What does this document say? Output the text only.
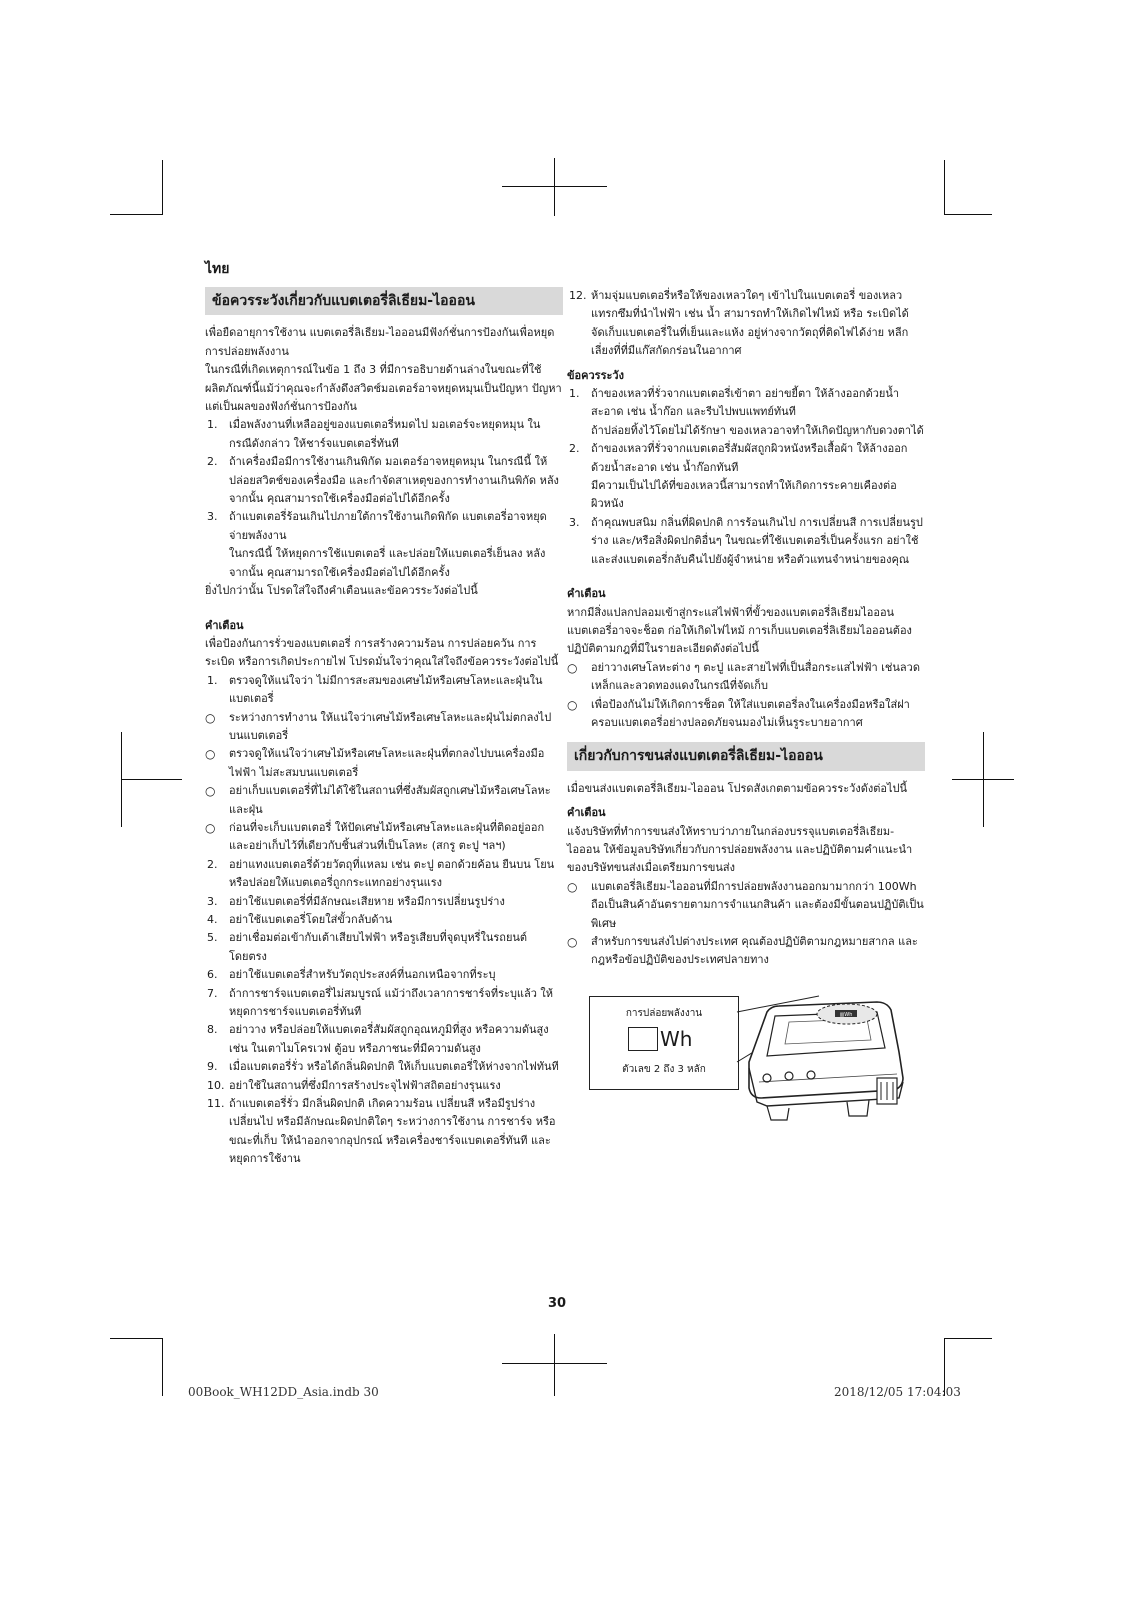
ไทย
ข้อควรระวังเกี่ยวกับแบตเตอรี่ลิเธียม-ไอออน

เพื่อยืดอายุการใช้งาน แบตเตอรี่ลิเธียม-ไอออนมีฟังก์ชั่นการป้องกันเพื่อหยุดการปล่อยพลังงาน

ในกรณีที่เกิดเหตุการณ์ในข้อ 1 ถึง 3 ที่มีการอธิบายด้านล่างในขณะที่ใช้ผลิตภัณฑ์นี้แม้ว่าคุณจะกำลังดึงสวิตช์มอเตอร์อาจหยุดหมุนเป็นปัญหา ปัญหา แต่เป็นผลของฟังก์ชั่นการป้องกัน

1. เมื่อพลังงานที่เหลืออยู่ของแบตเตอรี่หมดไป มอเตอร์จะหยุดหมุน ในกรณีดังกล่าว ให้ชาร์จแบตเตอรี่ทันที
2. ถ้าเครื่องมือมีการใช้งานเกินพิกัด มอเตอร์อาจหยุดหมุน ในกรณีนี้ ให้ปล่อยสวิตช์ของเครื่องมือ และกำจัดสาเหตุของการทำงานเกินพิกัด หลังจากนั้น คุณสามารถใช้เครื่องมือต่อไปได้อีกครั้ง
3. ถ้าแบตเตอรี่ร้อนเกินไปภายใต้การใช้งานเกิดพิกัด แบตเตอรี่อาจหยุดจ่ายพลังงาน

ในกรณีนี้ ให้หยุดการใช้แบตเตอรี่ และปล่อยให้แบตเตอรี่เย็นลง หลังจากนั้น คุณสามารถใช้เครื่องมือต่อไปได้อีกครั้ง

ยิ่งไปกว่านั้น โปรดใส่ใจถึงคำเตือนและข้อควรระวังต่อไปนี้

คำเตือน

เพื่อป้องกันการรั่วของแบตเตอรี่ การสร้างความร้อน การปล่อยควัน การระเบิด หรือการเกิดประกายไฟ โปรดมั่นใจว่าคุณใส่ใจถึงข้อควรระวังต่อไปนี้

1. ตรวจดูให้แน่ใจว่า ไม่มีการสะสมของเศษไม้หรือเศษโลหะและฝุ่นในแบตเตอรี่
○ ระหว่างการทำงาน ให้แน่ใจว่าเศษไม้หรือเศษโลหะและฝุ่นไม่ตกลงไปบนแบตเตอรี่
○ ตรวจดูให้แน่ใจว่าเศษไม้หรือเศษโลหะและฝุ่นที่ตกลงไปบนเครื่องมือไฟฟ้า ไม่สะสมบนแบตเตอรี่
○ อย่าเก็บแบตเตอรี่ที่ไม่ได้ใช้ในสถานที่ซึ่งสัมผัสถูกเศษไม้หรือเศษโลหะและฝุ่น
○ ก่อนที่จะเก็บแบตเตอรี่ ให้ปัดเศษไม้หรือเศษโลหะและฝุ่นที่ติดอยู่ออก และอย่าเก็บไว้ที่เดียวกับชิ้นส่วนที่เป็นโลหะ (สกรู ตะปู ฯลฯ)
2. อย่าแทงแบตเตอรี่ด้วยวัตถุที่แหลม เช่น ตะปู ตอกด้วยค้อน ยืนบน โยน หรือปล่อยให้แบตเตอรี่ถูกกระแทกอย่างรุนแรง
3. อย่าใช้แบตเตอรี่ที่มีลักษณะเสียหาย หรือมีการเปลี่ยนรูปร่าง
4. อย่าใช้แบตเตอรี่โดยใส่ขั้วกลับด้าน
5. อย่าเชื่อมต่อเข้ากับเต้าเสียบไฟฟ้า หรือรูเสียบที่จุดบุหรี่ในรถยนต์โดยตรง
6. อย่าใช้แบตเตอรี่สำหรับวัตถุประสงค์ที่นอกเหนือจากที่ระบุ
7. ถ้าการชาร์จแบตเตอรี่ไม่สมบูรณ์ แม้ว่าถึงเวลาการชาร์จที่ระบุแล้ว ให้หยุดการชาร์จแบตเตอรี่ทันที
8. อย่าวาง หรือปล่อยให้แบตเตอรี่สัมผัสถูกอุณหภูมิที่สูง หรือความดันสูง เช่น ในเตาไมโครเวฟ ตู้อบ หรือภาชนะที่มีความดันสูง
9. เมื่อแบตเตอรี่รั่ว หรือได้กลิ่นผิดปกติ ให้เก็บแบตเตอรี่ให้ห่างจากไฟทันที
10. อย่าใช้ในสถานที่ซึ่งมีการสร้างประจุไฟฟ้าสถิตอย่างรุนแรง
11. ถ้าแบตเตอรี่รั่ว มีกลิ่นผิดปกติ เกิดความร้อน เปลี่ยนสี หรือมีรูปร่างเปลี่ยนไป หรือมีลักษณะผิดปกติใดๆ ระหว่างการใช้งาน การชาร์จ หรือขณะที่เก็บ ให้นำออกจากอุปกรณ์ หรือเครื่องชาร์จแบตเตอรี่ทันที และหยุดการใช้งาน
12. ห้ามจุ่มแบตเตอรี่หรือให้ของเหลวใดๆ เข้าไปในแบตเตอรี่ ของเหลวแทรกซึมที่นำไฟฟ้า เช่น น้ำ สามารถทำให้เกิดไฟไหม้ หรือ ระเบิดได้ จัดเก็บแบตเตอรี่ในที่เย็นและแห้ง อยู่ห่างจากวัตถุที่ติดไฟได้ง่าย หลีกเลี่ยงที่ที่มีแก๊สกัดกร่อนในอากาศ
ข้อควรระวัง
1. ถ้าของเหลวที่รั่วจากแบตเตอรี่เข้าตา อย่าขยี้ตา ให้ล้างออกด้วยน้ำสะอาด เช่น น้ำก๊อก และรีบไปพบแพทย์ทันที

ถ้าปล่อยทิ้งไว้โดยไม่ได้รักษา ของเหลวอาจทำให้เกิดปัญหากับดวงตาได้

2. ถ้าของเหลวที่รั่วจากแบตเตอรี่สัมผัสถูกผิวหนังหรือเสื้อผ้า ให้ล้างออกด้วยน้ำสะอาด เช่น น้ำก๊อกทันที

มีความเป็นไปได้ที่ของเหลวนี้สามารถทำให้เกิดการระคายเคืองต่อผิวหนัง

3. ถ้าคุณพบสนิม กลิ่นที่ผิดปกติ การร้อนเกินไป การเปลี่ยนสี การเปลี่ยนรูปร่าง และ/หรือสิ่งผิดปกติอื่นๆ ในขณะที่ใช้แบตเตอรี่เป็นครั้งแรก อย่าใช้ และส่งแบตเตอรี่กลับคืนไปยังผู้จำหน่าย หรือตัวแทนจำหน่ายของคุณ
คำเตือน

หากมีสิ่งแปลกปลอมเข้าสู่กระแสไฟฟ้าที่ขั้วของแบตเตอรี่ลิเธียมไอออน แบตเตอรี่อาจจะช็อต ก่อให้เกิดไฟไหม้ การเก็บแบตเตอรี่ลิเธียมไอออนต้องปฏิบัติตามกฎที่มีในรายละเอียดดังต่อไปนี้

○ อย่าวางเศษโลหะต่าง ๆ ตะปู และสายไฟที่เป็นสื่อกระแสไฟฟ้า เช่นลวดเหล็กและลวดทองแดงในกรณีที่จัดเก็บ
○ เพื่อป้องกันไม่ให้เกิดการช็อต ให้ใส่แบตเตอรี่ลงในเครื่องมือหรือใส่ฝาครอบแบตเตอรี่อย่างปลอดภัยจนมองไม่เห็นรูระบายอากาศ
เกี่ยวกับการขนส่งแบตเตอรี่ลิเธียม-ไอออน

เมื่อขนส่งแบตเตอรี่ลิเธียม-ไอออน โปรดสังเกตตามข้อควรระวังดังต่อไปนี้

คำเตือน

แจ้งบริษัทที่ทำการขนส่งให้ทราบว่าภายในกล่องบรรจุแบตเตอรี่ลิเธียม-ไอออน ให้ข้อมูลบริษัทเกี่ยวกับการปล่อยพลังงาน และปฏิบัติตามคำแนะนำของบริษัทขนส่งเมื่อเตรียมการขนส่ง

○ แบตเตอรี่ลิเธียม-ไอออนที่มีการปล่อยพลังงานออกมามากกว่า 100Wh ถือเป็นสินค้าอันตรายตามการจำแนกสินค้า และต้องมีขั้นตอนปฏิบัติเป็นพิเศษ
○ สำหรับการขนส่งไปต่างประเทศ คุณต้องปฏิบัติตามกฎหมายสากล และกฎหรือข้อปฏิบัติของประเทศปลายทาง
การปล่อยพลังงาน
Wh
ตัวเลข 2 ถึง 3 หลัก
▥Wh
30
00Book_WH12DD_Asia.indb 30	2018/12/05 17:04:03
